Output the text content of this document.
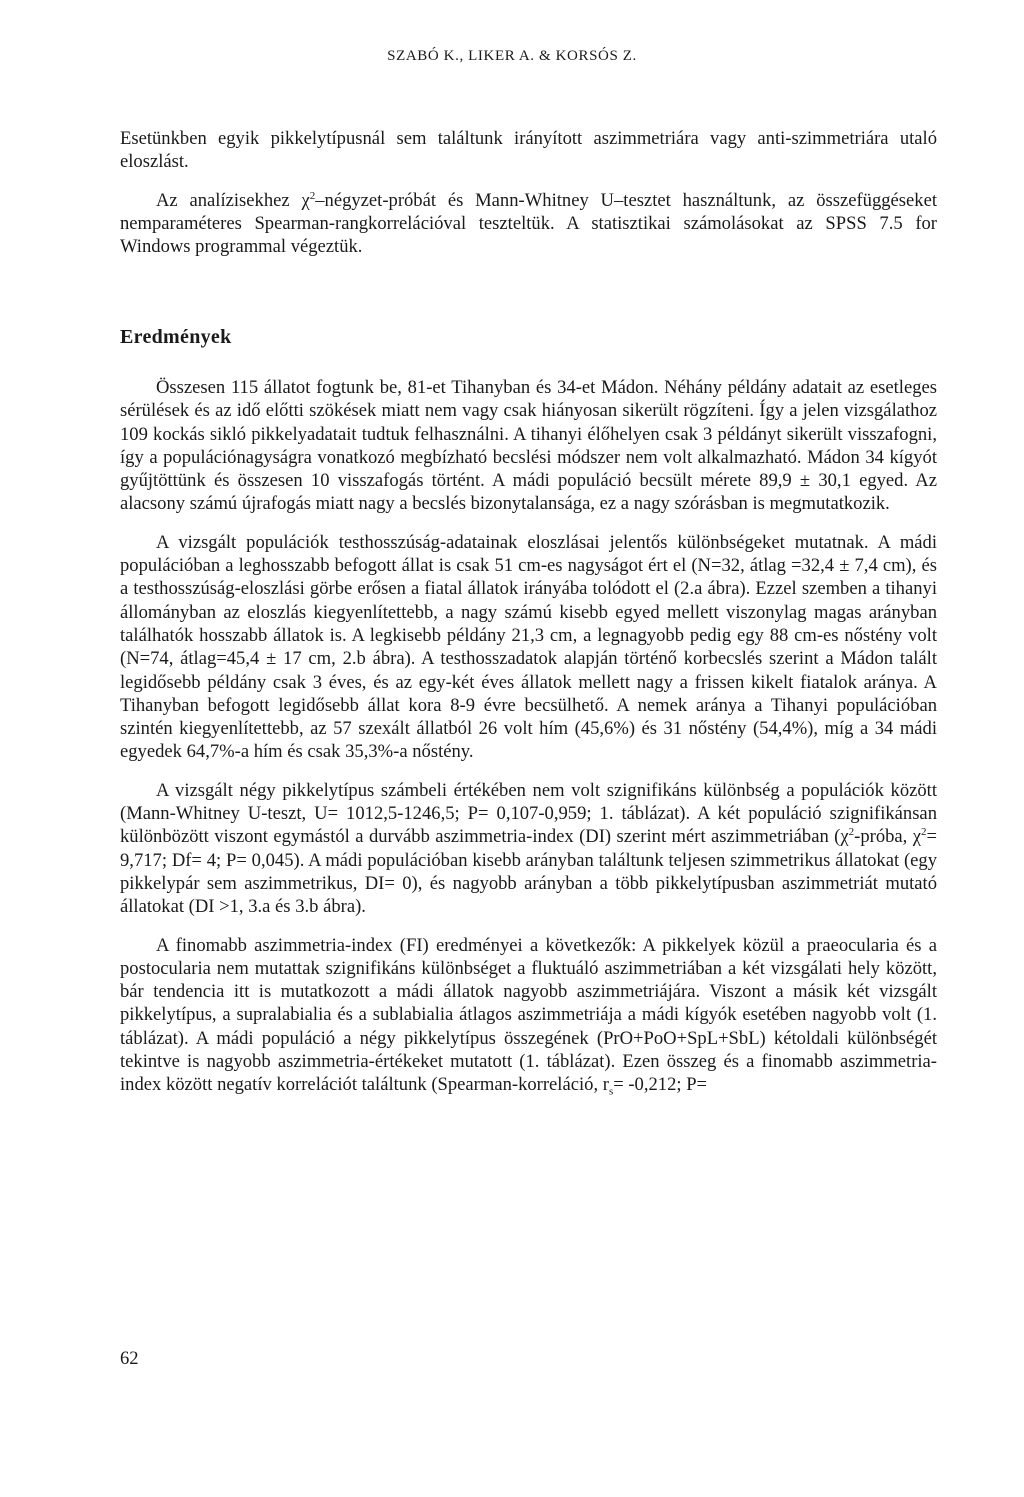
SZABÓ K., LIKER A. & KORSÓS Z.

Esetünkben egyik pikkelytípusnál sem találtunk irányított aszimmetriára vagy anti-szimmetriára utaló eloszlást.

Az analízisekhez $\chi^2-négyzet$-próbát és Mann-Whitney U–tesztet használtunk, az összefüggéseket nemparaméteres Spearman-rangkorrelációval teszteltük. A statisztikai számolásokat az SPSS 7.5 for Windows programmal végeztük.

Eredmények

Összesen 115 állatot fogtunk be, 81-et Tihanyban és 34-et Mádon. Néhány példány adatait az esetleges sérülések és az idő előtti szökések miatt nem vagy csak hiányosan sikerült rögzíteni. Így a jelen vizsgálathoz 109 kockás sikló pikkelyadatait tudtuk felhasználni. A tihanyi élőhelyen csak 3 példányt sikerült visszafogni, így a populációnagyságra vonatkozó megbízható becslési módszer nem volt alkalmazható. Mádon 34 kígyót gyűjtöttünk és összesen 10 visszafogás történt. A mádi populáció becsült mérete 89,9 ± 30,1 egyed. Az alacsony számú újrafogás miatt nagy a becslés bizonytalansága, ez a nagy szórásban is megmutatkozik.

A vizsgált populációk testhosszúság-adatainak eloszlásai jelentős különbségeket mutatnak. A mádi populációban a leghosszabb befogott állat is csak 51 cm-es nagyságot ért el (N=32, átlag =32,4 ± 7,4 cm), és a testhosszúság-eloszlási görbe erősen a fiatal állatok irányába tolódott el (2.a ábra). Ezzel szemben a tihanyi állományban az eloszlás kiegyenlítettebb, a nagy számú kisebb egyed mellett viszonylag magas arányban találhatók hosszabb állatok is. A legkisebb példány 21,3 cm, a legnagyobb pedig egy 88 cm-es nőstény volt (N=74, átlag=45,4 ± 17 cm, 2.b ábra). A testhosszadatok alapján történő korbecslés szerint a Mádon talált legidősebb példány csak 3 éves, és az egy-két éves állatok mellett nagy a frissen kikelt fiatalok aránya. A Tihanyban befogott legidősebb állat kora 8-9 évre becsülhető. A nemek aránya a Tihanyi populációban szintén kiegyenlítettebb, az 57 szexált állatból 26 volt hím (45,6%) és 31 nőstény (54,4%), míg a 34 mádi egyedek 64,7%-a hím és csak 35,3%-a nőstény.

A vizsgált négy pikkelytípus számbeli értékében nem volt szignifikáns különbség a populációk között (Mann-Whitney U-teszt, U= 1012,5-1246,5; P= 0,107-0,959; 1. táblázat). A két populáció szignifikánsan különbözött viszont egymástól a durvább aszimmetria-index (DI) szerint mért aszimmetriában ($\chi^2$-próba, $\chi^2= 9,717$; Df= 4; P= 0,045). A mádi populációban kisebb arányban találtunk teljesen szimmetrikus állatokat (egy pikkelypár sem aszimmetrikus, DI= 0), és nagyobb arányban a több pikkelytípusban aszimmetriát mutató állatokat (DI >1, 3.a és 3.b ábra).

A finomabb aszimmetria-index (FI) eredményei a következők: A pikkelyek közül a praeocularia és a postocularia nem mutattak szignifikáns különbséget a fluktuáló aszimmetriában a két vizsgálati hely között, bár tendencia itt is mutatkozott a mádi állatok nagyobb aszimmetriájára. Viszont a másik két vizsgált pikkelytípus, a supralabialia és a sublabialia átlagos aszimmetriája a mádi kígyók esetében nagyobb volt (1. táblázat). A mádi populáció a négy pikkelytípus összegének (PrO+PoO+SpL+SbL) kétoldali különbségét tekintve is nagyobb aszimmetria-értékeket mutatott (1. táblázat). Ezen összeg és a finomabb aszimmetria-index között negatív korrelációt találtunk (Spearman-korreláció, $r_s= -0,212$; P=

62
